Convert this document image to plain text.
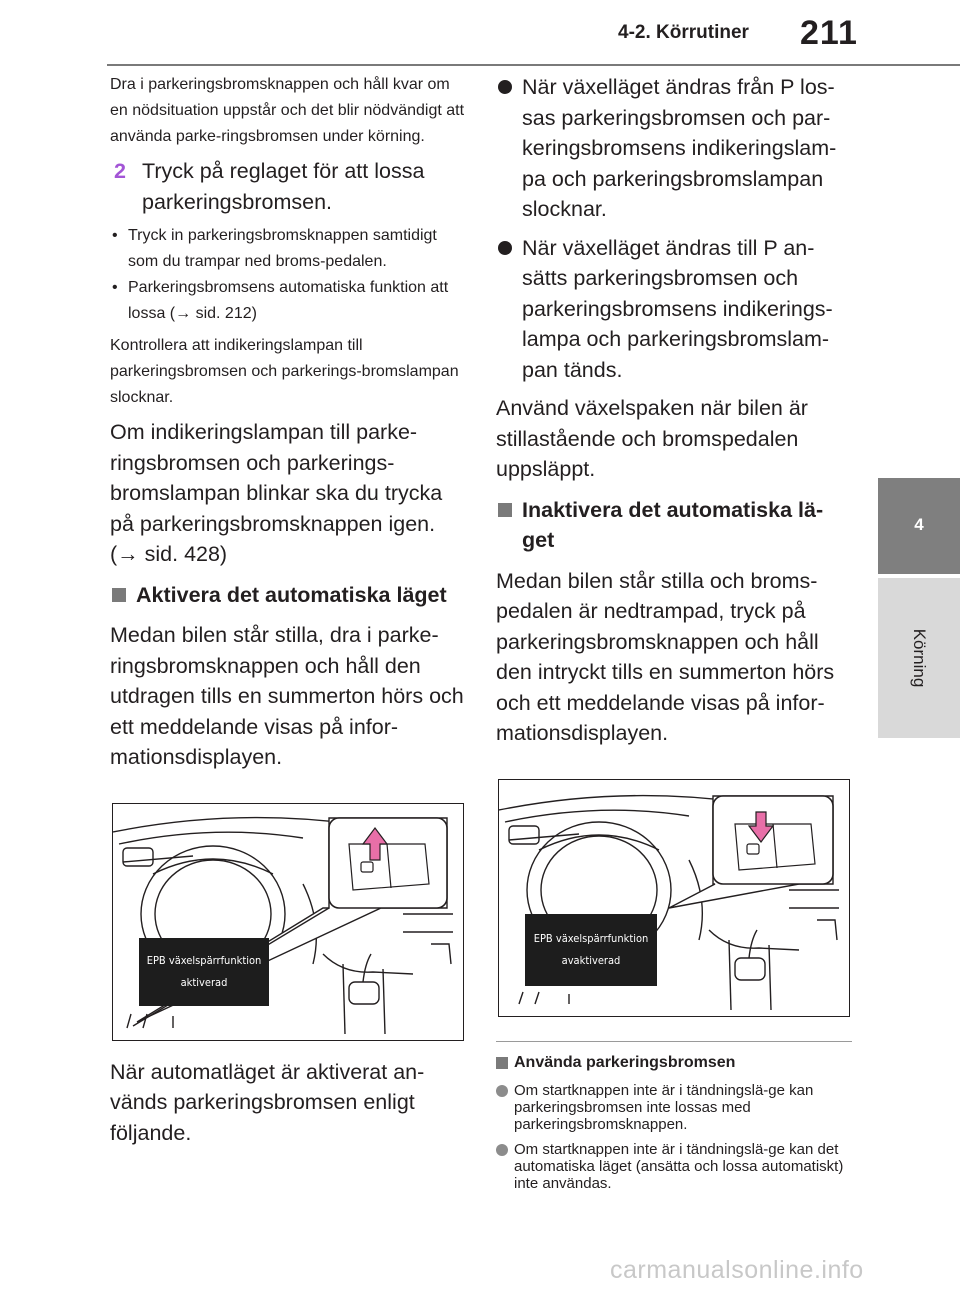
4-2. Körrutiner 211
4
Körning

Dra i parkeringsbromsknappen och håll kvar om en nödsituation uppstår och det blir nödvändigt att använda parke-ringsbromsen under körning.

2 Tryck på reglaget för att lossa parkeringsbromsen.
• Tryck in parkeringsbromsknappen samtidigt som du trampar ned broms-pedalen.
• Parkeringsbromsens automatiska funktion att lossa (→ sid. 212)

Kontrollera att indikeringslampan till parkeringsbromsen och parkerings-bromslampan slocknar.

Om indikeringslampan till parke-ringsbromsen och parkerings-bromslampan blinkar ska du trycka på parkeringsbromsknappen igen. (→ sid. 428)

Aktivera det automatiska läget

Medan bilen står stilla, dra i parke-ringsbromsknappen och håll den utdragen tills en summerton hörs och ett meddelande visas på infor-mationsdisplayen.

EPB växelspärrfunktion
aktiverad

När automatläget är aktiverat an-vänds parkeringsbromsen enligt följande.

När växelläget ändras från P los-sas parkeringsbromsen och par-keringsbromsens indikeringslam-pa och parkeringsbromslampan slocknar.
När växelläget ändras till P an-sätts parkeringsbromsen och parkeringsbromsens indikerings-lampa och parkeringsbromslam-pan tänds.

Använd växelspaken när bilen är stillastående och bromspedalen uppsläppt.

Inaktivera det automatiska lä-get

Medan bilen står stilla och broms-pedalen är nedtrampad, tryck på parkeringsbromsknappen och håll den intryckt tills en summerton hörs och ett meddelande visas på infor-mationsdisplayen.

EPB växelspärrfunktion
avaktiverad
Använda parkeringsbromsen
Om startknappen inte är i tändningslä-ge kan parkeringsbromsen inte lossas med parkeringsbromsknappen.
Om startknappen inte är i tändningslä-ge kan det automatiska läget (ansätta och lossa automatiskt) inte användas.
carmanualsonline.info
